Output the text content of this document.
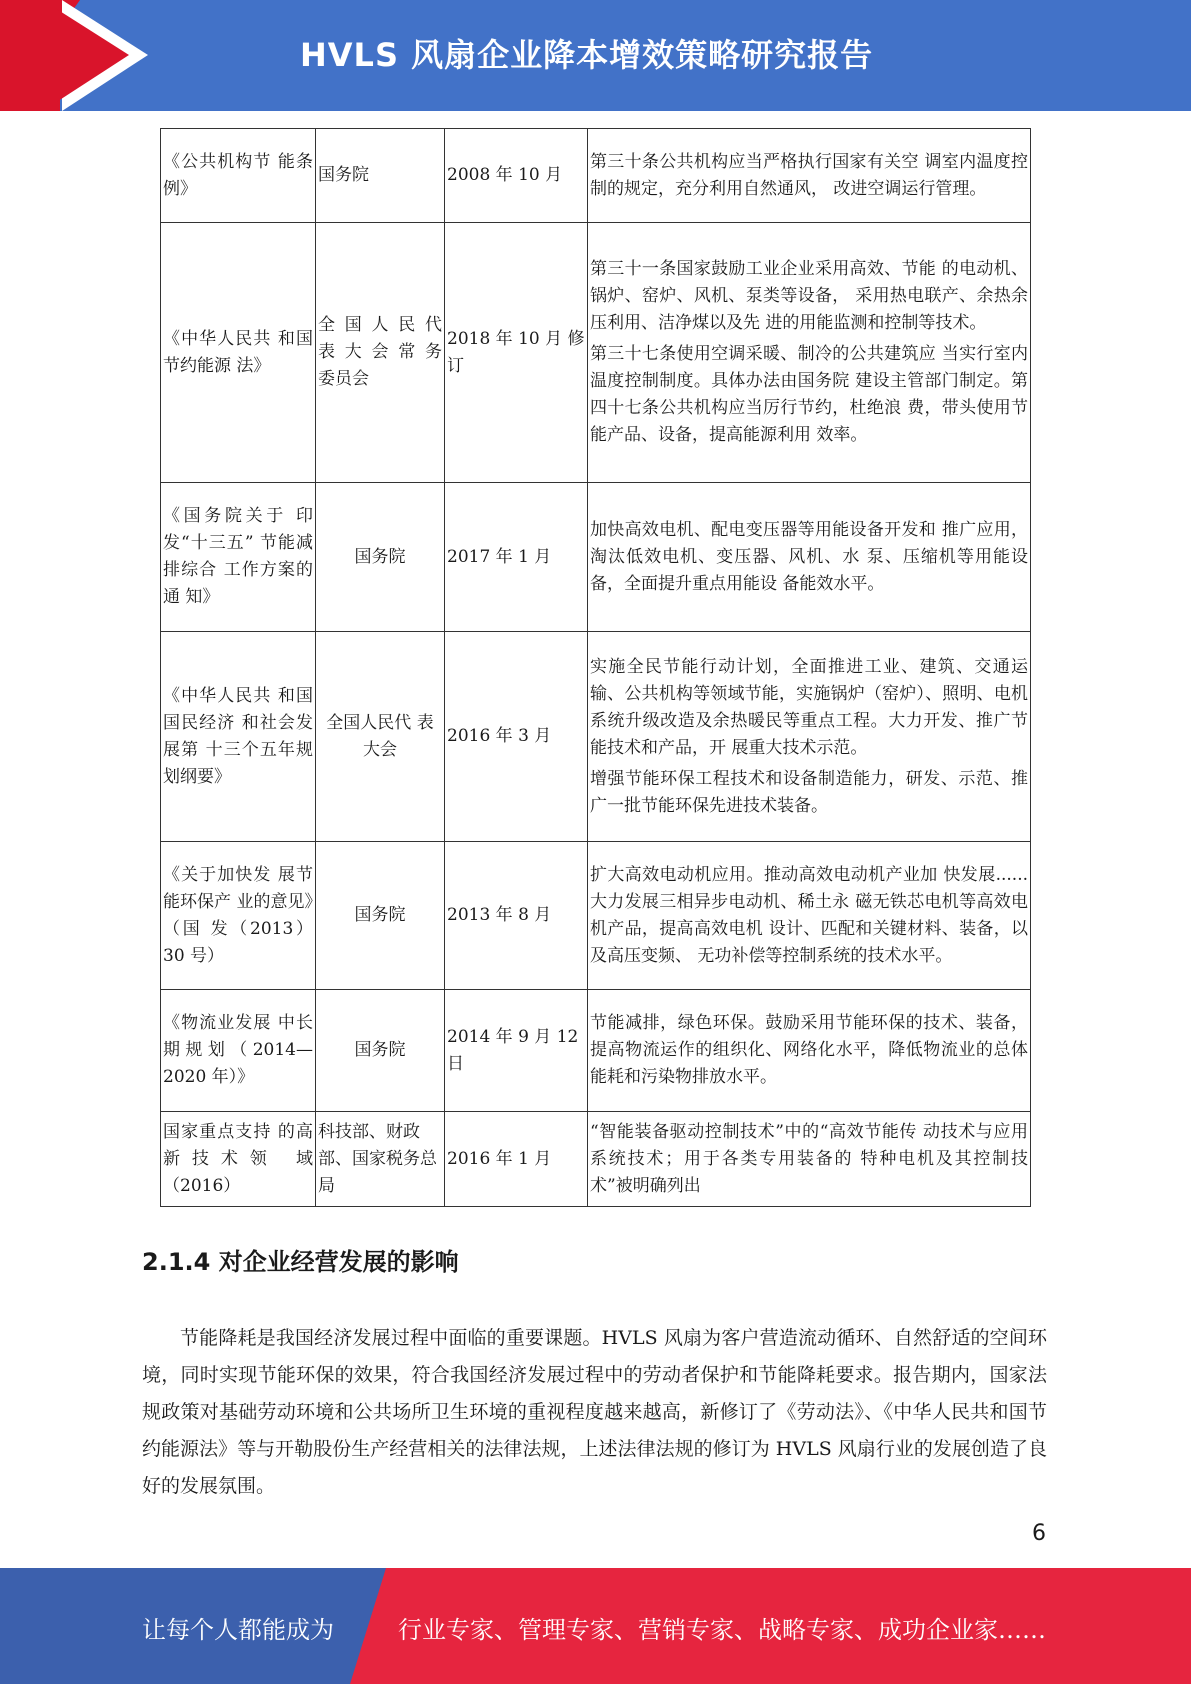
HVLS 风扇企业降本增效策略研究报告
《公共机构节 能条例》	国务院	2008 年 10 月	第三十条公共机构应当严格执行国家有关空 调室内温度控制的规定，充分利用自然通风， 改进空调运行管理。

《中华人民共 和国节约能源 法》	全 国 人 民 代 表 大 会 常 务 委员会	2018 年 10 月 修订	第三十一条国家鼓励工业企业采用高效、节能 的电动机、锅炉、窑炉、风机、泵类等设备， 采用热电联产、余热余压利用、洁净煤以及先 进的用能监测和控制等技术。
第三十七条使用空调采暖、制冷的公共建筑应 当实行室内温度控制制度。具体办法由国务院 建设主管部门制定。第四十七条公共机构应当厉行节约，杜绝浪 费，带头使用节能产品、设备，提高能源利用 效率。

《国务院关于 印发“十三五” 节能减排综合 工作方案的通 知》	国务院	2017 年 1 月	加快高效电机、配电变压器等用能设备开发和 推广应用，淘汰低效电机、变压器、风机、水 泵、压缩机等用能设备，全面提升重点用能设 备能效水平。

《中华人民共 和国国民经济 和社会发展第 十三个五年规 划纲要》	全国人民代 表大会	2016 年 3 月	实施全民节能行动计划，全面推进工业、建筑、交通运输、公共机构等领域节能，实施锅炉（窑炉）、照明、电机系统升级改造及余热暖民等重点工程。大力开发、推广节能技术和产品，开 展重大技术示范。
增强节能环保工程技术和设备制造能力，研发、示范、推广一批节能环保先进技术装备。

《关于加快发 展节能环保产 业的意见》（国 发（2013） 30 号）	国务院	2013 年 8 月	扩大高效电动机应用。推动高效电动机产业加 快发展......大力发展三相异步电动机、稀土永 磁无铁芯电机等高效电机产品，提高高效电机 设计、匹配和关键材料、装备，以及高压变频、 无功补偿等控制系统的技术水平。

《物流业发展 中长期规划（2014—2020 年）》	国务院	2014 年 9 月 12 日	节能减排，绿色环保。鼓励采用节能环保的技术、装备，提高物流运作的组织化、网络化水平，降低物流业的总体能耗和污染物排放水平。

国家重点支持 的高新技术领 域（2016）	科技部、财政部、国家税务总局	2016 年 1 月	“智能装备驱动控制技术”中的“高效节能传 动技术与应用系统技术；用于各类专用装备的 特种电机及其控制技术”被明确列出
2.1.4 对企业经营发展的影响
节能降耗是我国经济发展过程中面临的重要课题。HVLS 风扇为客户营造流动循环、自然舒适的空间环境，同时实现节能环保的效果，符合我国经济发展过程中的劳动者保护和节能降耗要求。报告期内，国家法规政策对基础劳动环境和公共场所卫生环境的重视程度越来越高，新修订了《劳动法》、《中华人民共和国节约能源法》等与开勒股份生产经营相关的法律法规，上述法律法规的修订为 HVLS 风扇行业的发展创造了良好的发展氛围。
6
让每个人都能成为	行业专家、管理专家、营销专家、战略专家、成功企业家……
